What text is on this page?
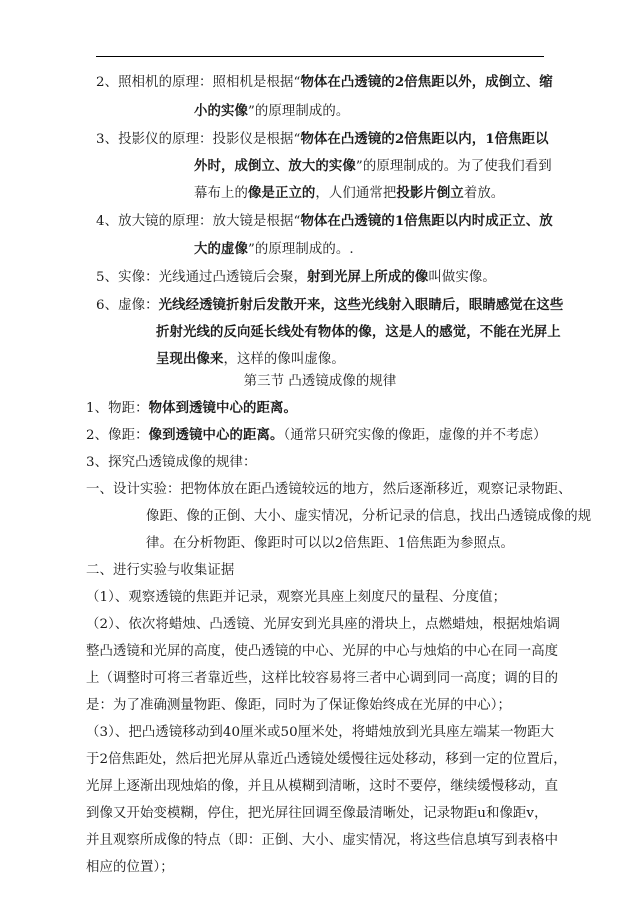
2、照相机的原理：照相机是根据“物体在凸透镜的2倍焦距以外，成倒立、缩
小的实像”的原理制成的。
3、投影仪的原理：投影仪是根据“物体在凸透镜的2倍焦距以内，1倍焦距以
外时，成倒立、放大的实像”的原理制成的。为了使我们看到
幕布上的像是正立的，人们通常把投影片倒立着放。
4、放大镜的原理：放大镜是根据“物体在凸透镜的1倍焦距以内时成正立、放
大的虚像”的原理制成的。.
5、实像：光线通过凸透镜后会聚，射到光屏上所成的像叫做实像。
6、虚像：光线经透镜折射后发散开来，这些光线射入眼睛后，眼睛感觉在这些
折射光线的反向延长线处有物体的像，这是人的感觉，不能在光屏上
呈现出像来，这样的像叫虚像。
第三节 凸透镜成像的规律
1、物距：物体到透镜中心的距离。
2、像距：像到透镜中心的距离。（通常只研究实像的像距，虚像的并不考虑）
3、探究凸透镜成像的规律：
一、设计实验：把物体放在距凸透镜较远的地方，然后逐渐移近，观察记录物距、
像距、像的正倒、大小、虚实情况，分析记录的信息，找出凸透镜成像的规
律。在分析物距、像距时可以以2倍焦距、1倍焦距为参照点。
二、进行实验与收集证据
（1）、观察透镜的焦距并记录，观察光具座上刻度尺的量程、分度值；
（2）、依次将蜡烛、凸透镜、光屏安到光具座的滑块上，点燃蜡烛，根据烛焰调
整凸透镜和光屏的高度，使凸透镜的中心、光屏的中心与烛焰的中心在同一高度
上（调整时可将三者靠近些，这样比较容易将三者中心调到同一高度；调的目的
是：为了准确测量物距、像距，同时为了保证像始终成在光屏的中心）；
（3）、把凸透镜移动到40厘米或50厘米处，将蜡烛放到光具座左端某一物距大
于2倍焦距处，然后把光屏从靠近凸透镜处缓慢往远处移动，移到一定的位置后，
光屏上逐渐出现烛焰的像，并且从模糊到清晰，这时不要停，继续缓慢移动，直
到像又开始变模糊，停住，把光屏往回调至像最清晰处，记录物距u和像距v，
并且观察所成像的特点（即：正倒、大小、虚实情况，将这些信息填写到表格中
相应的位置）；
